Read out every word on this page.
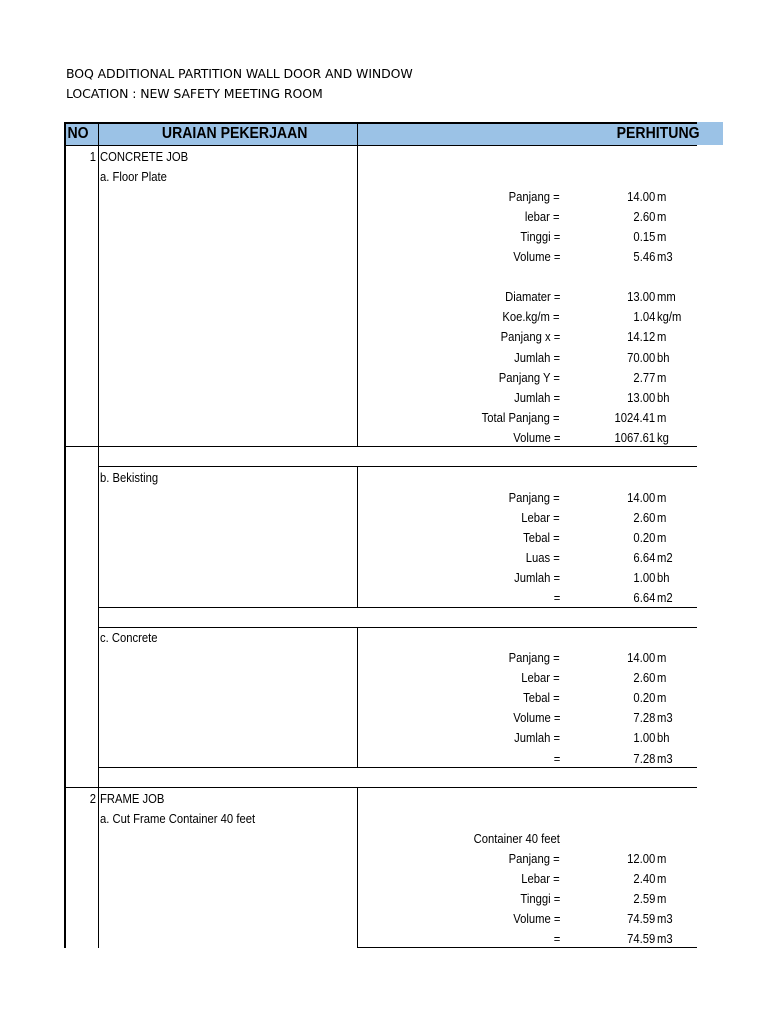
BOQ ADDITIONAL PARTITION WALL DOOR AND WINDOW
LOCATION : NEW SAFETY MEETING ROOM
NO	URAIAN PEKERJAAN	PERHITUNG
1 CONCRETE JOB
a. Floor Plate
Panjang =	14.00 m
lebar =	2.60 m
Tinggi =	0.15 m
Volume =	5.46 m3
Diamater =	13.00 mm
Koe.kg/m =	1.04 kg/m
Panjang x =	14.12 m
Jumlah =	70.00 bh
Panjang Y =	2.77 m
Jumlah =	13.00 bh
Total Panjang =	1024.41 m
Volume =	1067.61 kg
b. Bekisting
Panjang =	14.00 m
Lebar =	2.60 m
Tebal =	0.20 m
Luas =	6.64 m2
Jumlah =	1.00 bh
=	6.64 m2
c. Concrete
Panjang =	14.00 m
Lebar =	2.60 m
Tebal =	0.20 m
Volume =	7.28 m3
Jumlah =	1.00 bh
=	7.28 m3
2 FRAME JOB
a. Cut Frame Container 40 feet
Container 40 feet
Panjang =	12.00 m
Lebar =	2.40 m
Tinggi =	2.59 m
Volume =	74.59 m3
=	74.59 m3
